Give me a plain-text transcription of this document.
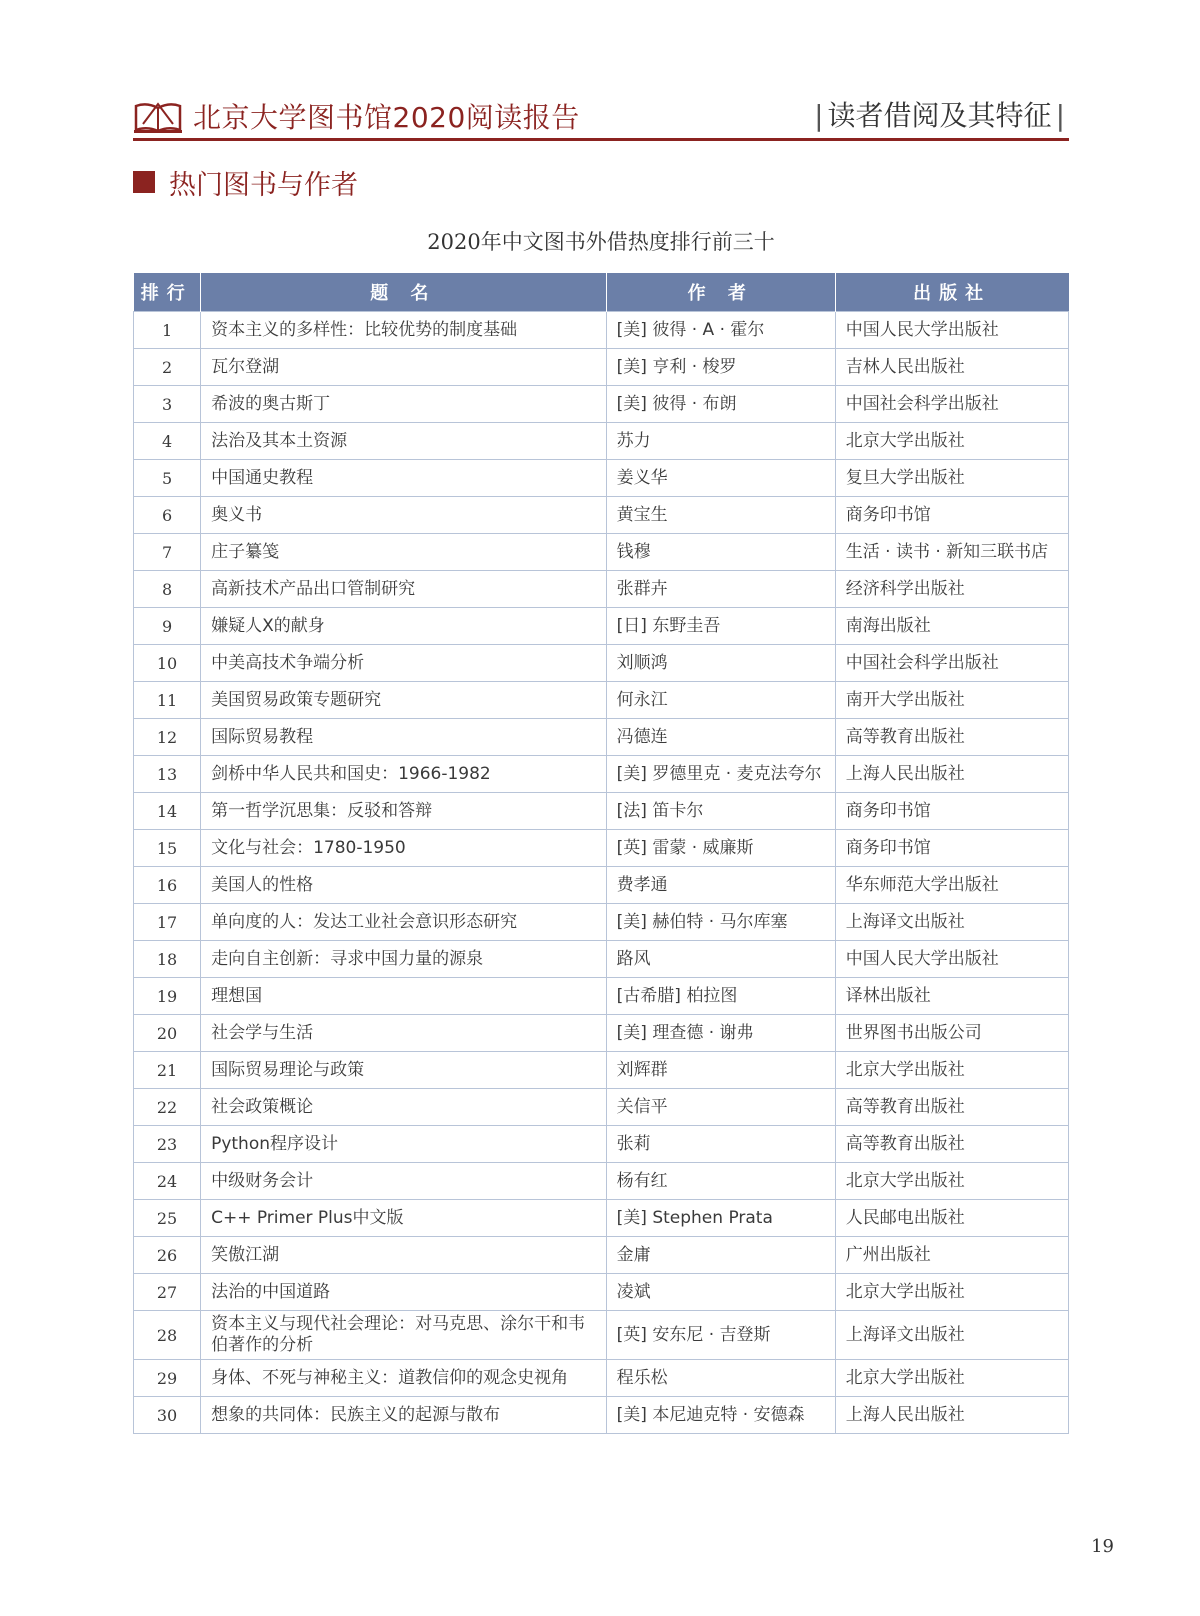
北京大学图书馆2020阅读报告	| 读者借阅及其特征 |
热门图书与作者
2020年中文图书外借热度排行前三十
排行	题 名	作 者	出版社
1	资本主义的多样性：比较优势的制度基础	[美] 彼得 · A · 霍尔	中国人民大学出版社
2	瓦尔登湖	[美] 亨利 · 梭罗	吉林人民出版社
3	希波的奥古斯丁	[美] 彼得 · 布朗	中国社会科学出版社
4	法治及其本土资源	苏力	北京大学出版社
5	中国通史教程	姜义华	复旦大学出版社
6	奥义书	黄宝生	商务印书馆
7	庄子纂笺	钱穆	生活 · 读书 · 新知三联书店
8	高新技术产品出口管制研究	张群卉	经济科学出版社
9	嫌疑人X的献身	[日] 东野圭吾	南海出版社
10	中美高技术争端分析	刘顺鸿	中国社会科学出版社
11	美国贸易政策专题研究	何永江	南开大学出版社
12	国际贸易教程	冯德连	高等教育出版社
13	剑桥中华人民共和国史：1966-1982	[美] 罗德里克 · 麦克法夸尔	上海人民出版社
14	第一哲学沉思集：反驳和答辩	[法] 笛卡尔	商务印书馆
15	文化与社会：1780-1950	[英] 雷蒙 · 威廉斯	商务印书馆
16	美国人的性格	费孝通	华东师范大学出版社
17	单向度的人：发达工业社会意识形态研究	[美] 赫伯特 · 马尔库塞	上海译文出版社
18	走向自主创新：寻求中国力量的源泉	路风	中国人民大学出版社
19	理想国	[古希腊] 柏拉图	译林出版社
20	社会学与生活	[美] 理查德 · 谢弗	世界图书出版公司
21	国际贸易理论与政策	刘辉群	北京大学出版社
22	社会政策概论	关信平	高等教育出版社
23	Python程序设计	张莉	高等教育出版社
24	中级财务会计	杨有红	北京大学出版社
25	C++ Primer Plus中文版	[美] Stephen Prata	人民邮电出版社
26	笑傲江湖	金庸	广州出版社
27	法治的中国道路	凌斌	北京大学出版社
28	资本主义与现代社会理论：对马克思、涂尔干和韦伯著作的分析	[英] 安东尼 · 吉登斯	上海译文出版社
29	身体、不死与神秘主义：道教信仰的观念史视角	程乐松	北京大学出版社
30	想象的共同体：民族主义的起源与散布	[美] 本尼迪克特 · 安德森	上海人民出版社
19
